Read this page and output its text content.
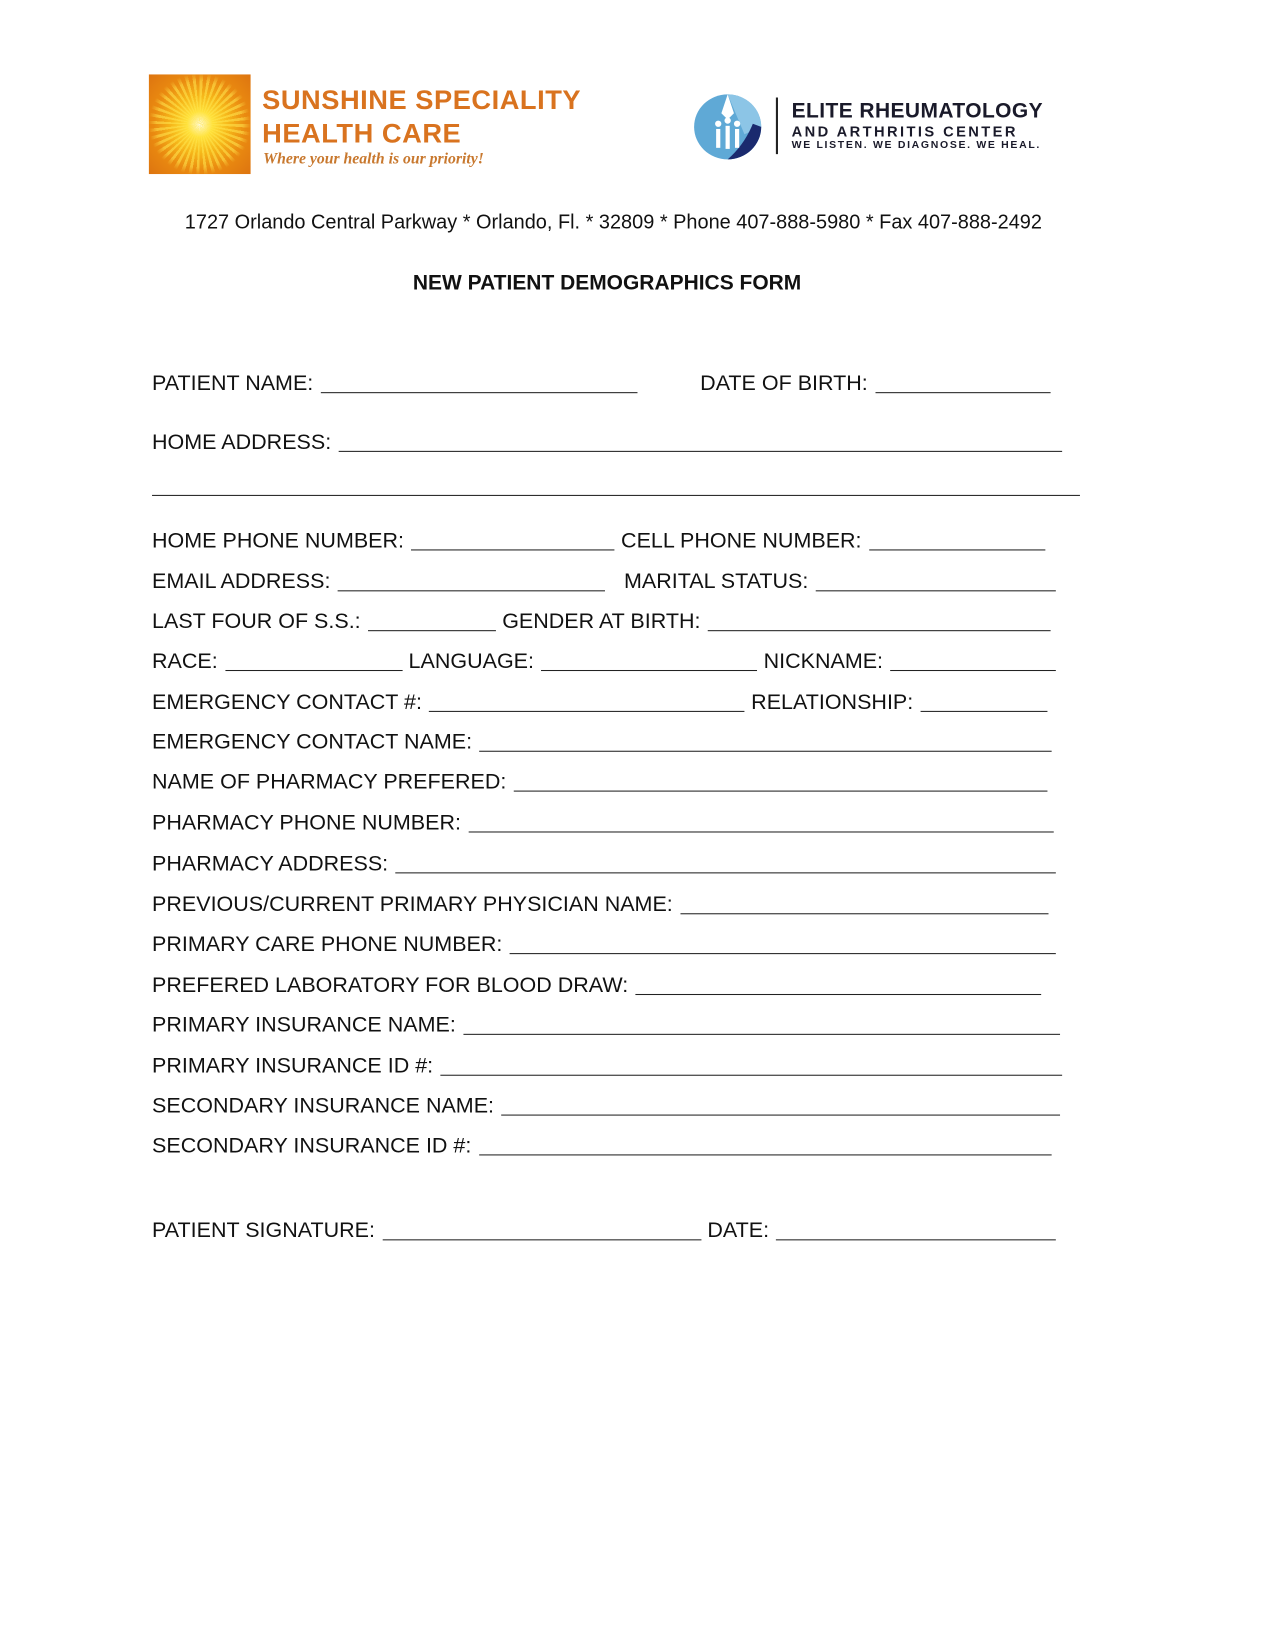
SUNSHINE SPECIALITY
HEALTH CARE
Where your health is our priority!
ELITE RHEUMATOLOGY
AND ARTHRITIS CENTER
WE LISTEN. WE DIAGNOSE. WE HEAL.
1727 Orlando Central Parkway * Orlando, Fl. * 32809 * Phone 407-888-5980 * Fax 407-888-2492
NEW PATIENT DEMOGRAPHICS FORM
PATIENT NAME:	DATE OF BIRTH:
HOME ADDRESS:
HOME PHONE NUMBER:	CELL PHONE NUMBER:
EMAIL ADDRESS:	MARITAL STATUS:
LAST FOUR OF S.S.:	GENDER AT BIRTH:
RACE:	LANGUAGE:	NICKNAME:
EMERGENCY CONTACT #:	RELATIONSHIP:
EMERGENCY CONTACT NAME:
NAME OF PHARMACY PREFERED:
PHARMACY PHONE NUMBER:
PHARMACY ADDRESS:
PREVIOUS/CURRENT PRIMARY PHYSICIAN NAME:
PRIMARY CARE PHONE NUMBER:
PREFERED LABORATORY FOR BLOOD DRAW:
PRIMARY INSURANCE NAME:
PRIMARY INSURANCE ID #:
SECONDARY INSURANCE NAME:
SECONDARY INSURANCE ID #:
PATIENT SIGNATURE:	DATE:
